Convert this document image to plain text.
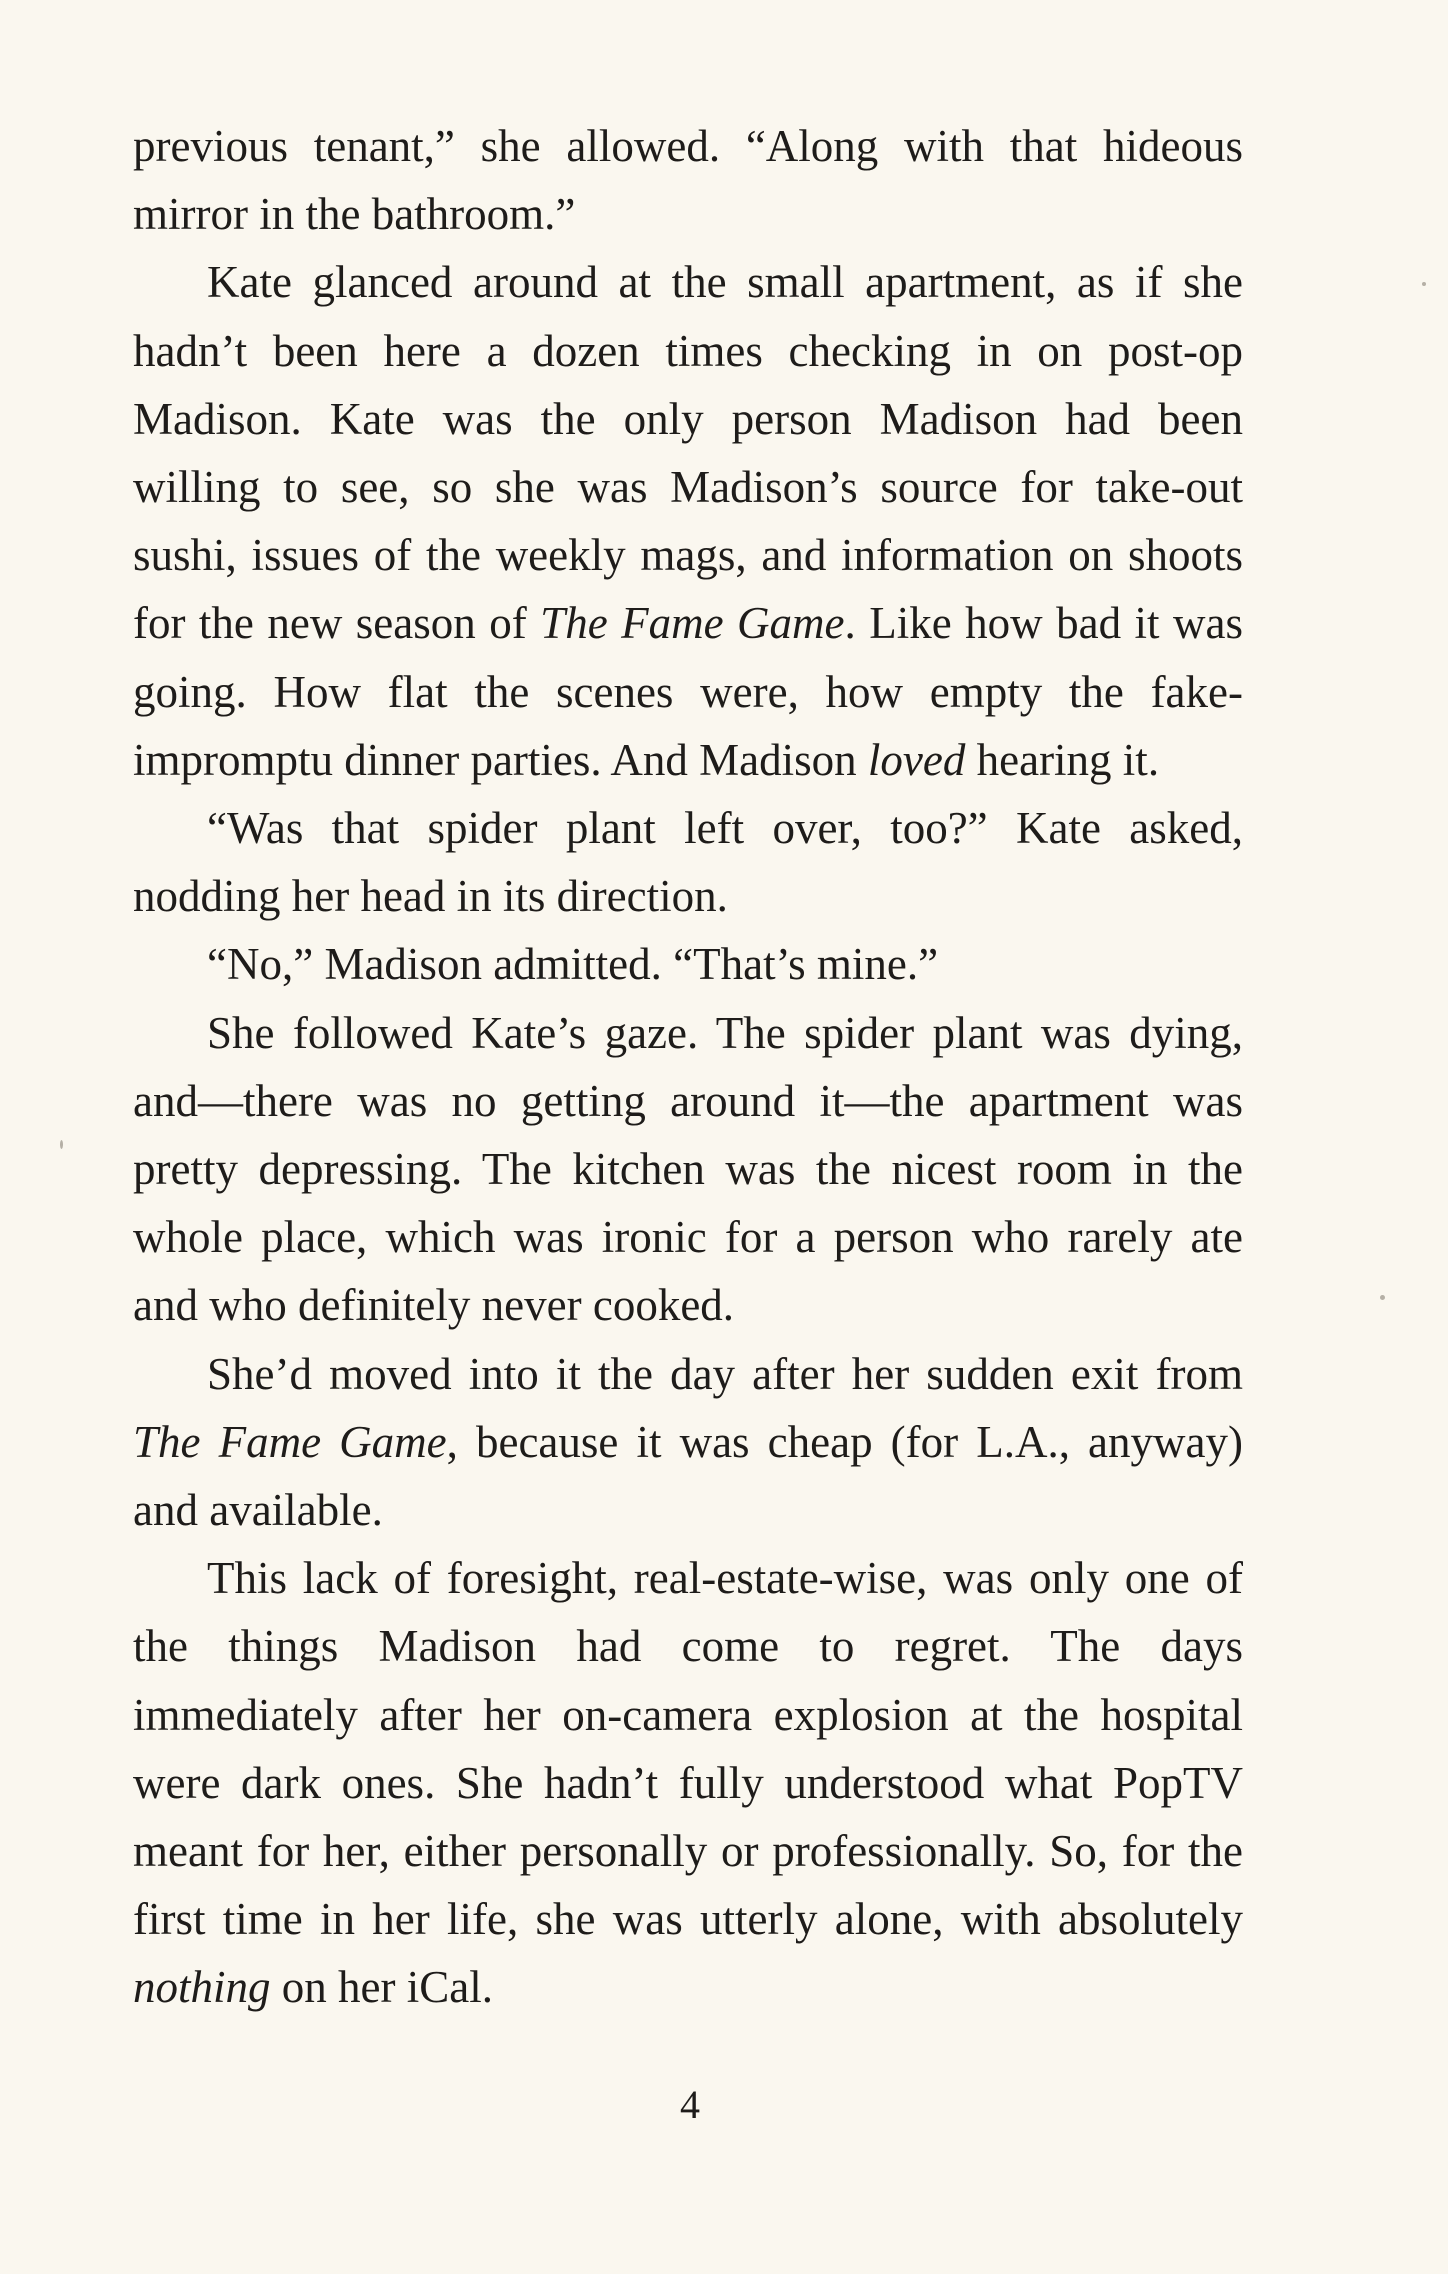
previous tenant,” she allowed. “Along with that hideous mirror in the bathroom.”

Kate glanced around at the small apartment, as if she hadn’t been here a dozen times checking in on post-op Madison. Kate was the only person Madison had been willing to see, so she was Madison’s source for take-out sushi, issues of the weekly mags, and information on shoots for the new season of The Fame Game. Like how bad it was going. How flat the scenes were, how empty the fake-impromptu dinner parties. And Madison loved hearing it.

“Was that spider plant left over, too?” Kate asked, nodding her head in its direction.

“No,” Madison admitted. “That’s mine.”

She followed Kate’s gaze. The spider plant was dying, and—there was no getting around it—the apartment was pretty depressing. The kitchen was the nicest room in the whole place, which was ironic for a person who rarely ate and who definitely never cooked.

She’d moved into it the day after her sudden exit from The Fame Game, because it was cheap (for L.A., anyway) and available.

This lack of foresight, real-estate-wise, was only one of the things Madison had come to regret. The days immediately after her on-camera explosion at the hospital were dark ones. She hadn’t fully understood what PopTV meant for her, either personally or professionally. So, for the first time in her life, she was utterly alone, with absolutely nothing on her iCal.

4
